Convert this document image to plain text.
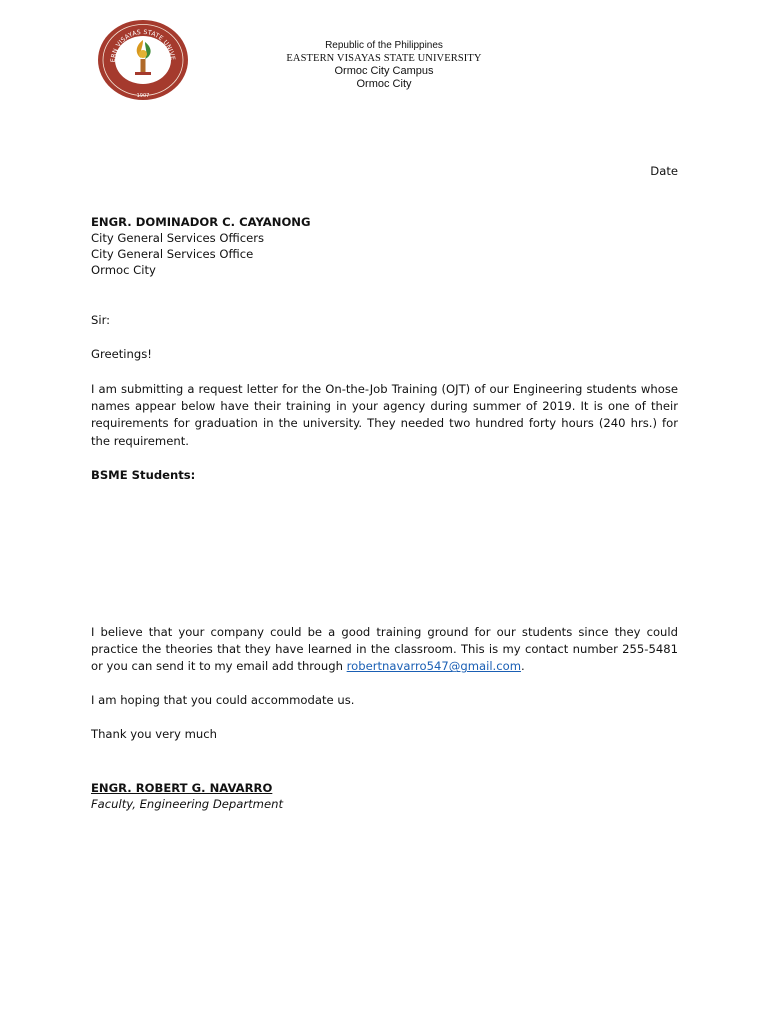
ERN VISAYAS STATE UNIVE
1907
Republic of the Philippines
EASTERN VISAYAS STATE UNIVERSITY
Ormoc City Campus
Ormoc City
Date
ENGR. DOMINADOR C. CAYANONG
City General Services Officers
City General Services Office
Ormoc City
Sir:
Greetings!
I am submitting a request letter for the On-the-Job Training (OJT) of our Engineering students whose names appear below have their training in your agency during summer of 2019. It is one of their requirements for graduation in the university. They needed two hundred forty hours (240 hrs.) for the requirement.
BSME Students:
I believe that your company could be a good training ground for our students since they could practice the theories that they have learned in the classroom. This is my contact number 255-5481 or you can send it to my email add through robertnavarro547@gmail.com.
I am hoping that you could accommodate us.
Thank you very much
ENGR. ROBERT G. NAVARRO
Faculty, Engineering Department
